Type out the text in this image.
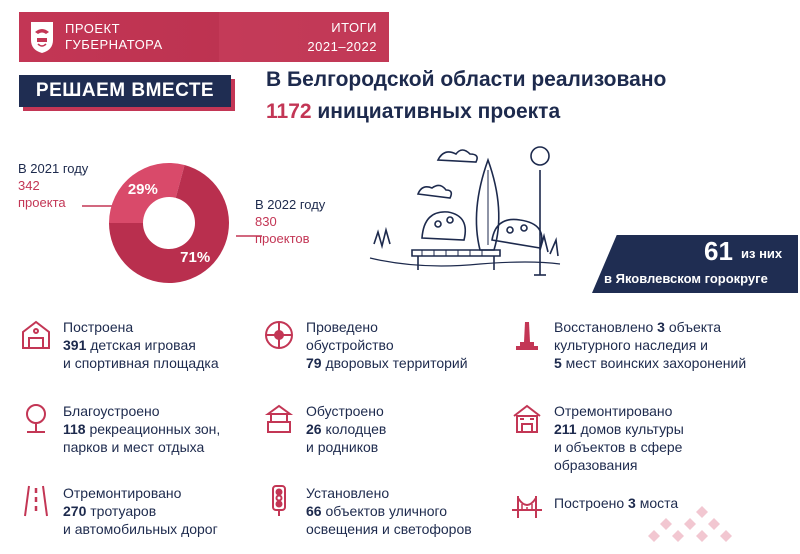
ПРОЕКТ
ГУБЕРНАТОРА
ИТОГИ
2021–2022
РЕШАЕМ ВМЕСТЕ	В Белгородской области реализовано
1172 инициативных проекта
В 2021 году
342
проекта	В 2022 году
830
проектов
29%
71%	61 из них
в Яковлевском горокруге
Построена
391 детская игровая
и спортивная площадка
Проведено
обустройство
79 дворовых территорий
Восстановлено 3 объекта
культурного наследия и
5 мест воинских захоронений
Благоустроено
118 рекреационных зон,
парков и мест отдыха
Обустроено
26 колодцев
и родников
Отремонтировано
211 домов культуры
и объектов в сфере
образования
Отремонтировано
270 тротуаров
и автомобильных дорог
Установлено
66 объектов уличного
освещения и светофоров
Построено 3 моста
